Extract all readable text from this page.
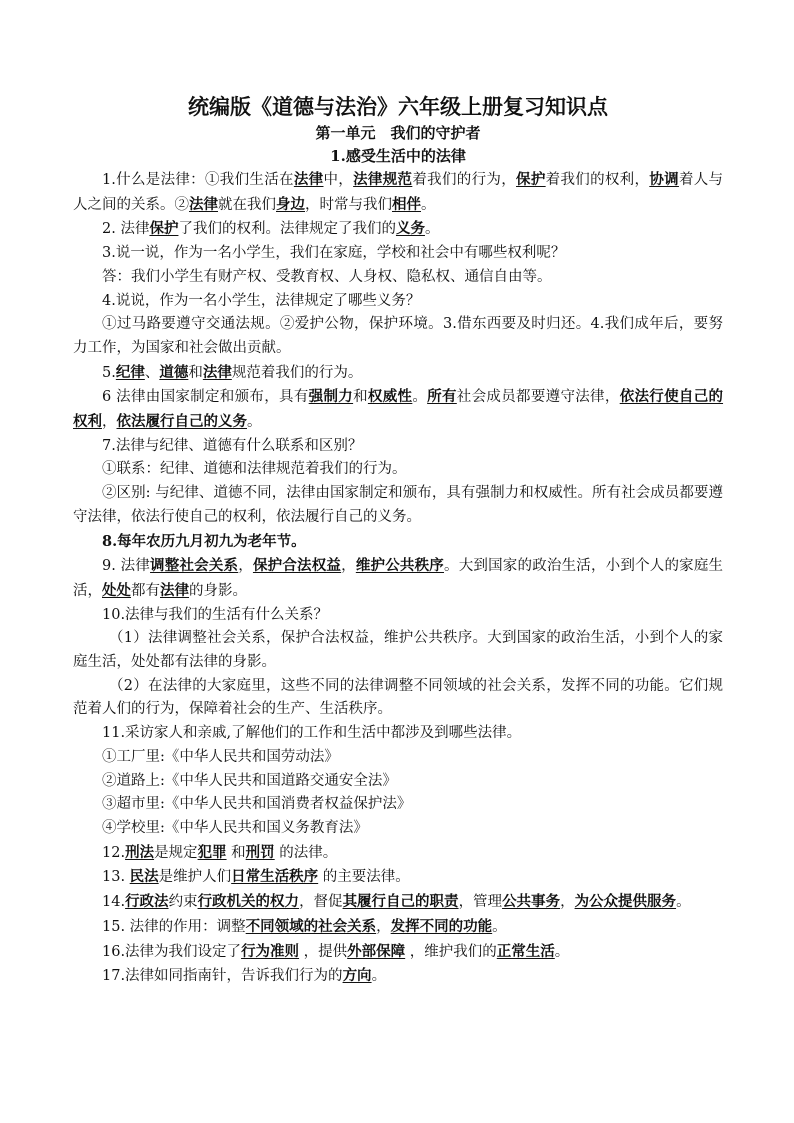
统编版《道德与法治》六年级上册复习知识点
第一单元　我们的守护者
1.感受生活中的法律

1.什么是法律：①我们生活在法律中，法律规范着我们的行为，保护着我们的权利，协调着人与人之间的关系。②法律就在我们身边，时常与我们相伴。

2. 法律保护了我们的权利。法律规定了我们的义务。

3.说一说，作为一名小学生，我们在家庭，学校和社会中有哪些权利呢？

答：我们小学生有财产权、受教育权、人身权、隐私权、通信自由等。

4.说说，作为一名小学生，法律规定了哪些义务？

①过马路要遵守交通法规。②爱护公物，保护环境。3.借东西要及时归还。4.我们成年后，要努力工作，为国家和社会做出贡献。

5.纪律、道德和法律规范着我们的行为。

6 法律由国家制定和颁布，具有强制力和权威性。所有社会成员都要遵守法律，依法行使自己的权利，依法履行自己的义务。

7.法律与纪律、道德有什么联系和区别？

①联系：纪律、道德和法律规范着我们的行为。

②区别: 与纪律、道德不同，法律由国家制定和颁布，具有强制力和权威性。所有社会成员都要遵守法律，依法行使自己的权利，依法履行自己的义务。

8.每年农历九月初九为老年节。

9. 法律调整社会关系，保护合法权益，维护公共秩序。大到国家的政治生活，小到个人的家庭生活，处处都有法律的身影。

10.法律与我们的生活有什么关系？

（1）法律调整社会关系，保护合法权益，维护公共秩序。大到国家的政治生活，小到个人的家庭生活，处处都有法律的身影。

（2）在法律的大家庭里，这些不同的法律调整不同领域的社会关系，发挥不同的功能。它们规范着人们的行为，保障着社会的生产、生活秩序。

11.采访家人和亲戚,了解他们的工作和生活中都涉及到哪些法律。

①工厂里:《中华人民共和国劳动法》

②道路上:《中华人民共和国道路交通安全法》

③超市里:《中华人民共和国消费者权益保护法》

④学校里:《中华人民共和国义务教育法》

12.刑法是规定犯罪 和刑罚 的法律。

13. 民法是维护人们日常生活秩序 的主要法律。

14.行政法约束行政机关的权力，督促其履行自己的职责，管理公共事务，为公众提供服务。

15. 法律的作用：调整不同领域的社会关系，发挥不同的功能。

16.法律为我们设定了行为准则 ，提供外部保障 ，维护我们的正常生活。

17.法律如同指南针，告诉我们行为的方向。
